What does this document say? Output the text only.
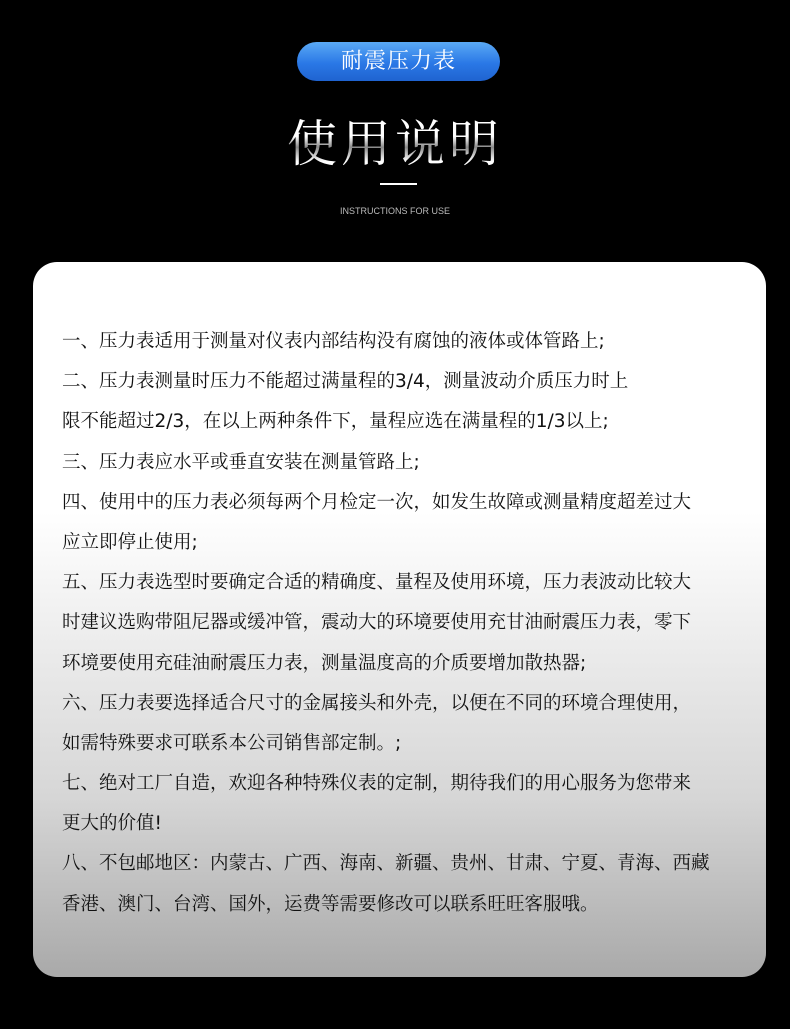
耐震压力表
使用说明
INSTRUCTIONS FOR USE
一、压力表适用于测量对仪表内部结构没有腐蚀的液体或体管路上;
二、压力表测量时压力不能超过满量程的3/4，测量波动介质压力时上
限不能超过2/3，在以上两种条件下，量程应选在满量程的1/3以上;
三、压力表应水平或垂直安装在测量管路上;
四、使用中的压力表必须每两个月检定一次，如发生故障或测量精度超差过大
应立即停止使用;
五、压力表选型时要确定合适的精确度、量程及使用环境，压力表波动比较大
时建议选购带阻尼器或缓冲管，震动大的环境要使用充甘油耐震压力表，零下
环境要使用充硅油耐震压力表，测量温度高的介质要增加散热器;
六、压力表要选择适合尺寸的金属接头和外壳，以便在不同的环境合理使用，
如需特殊要求可联系本公司销售部定制。;
七、绝对工厂自造，欢迎各种特殊仪表的定制，期待我们的用心服务为您带来
更大的价值!
八、不包邮地区：内蒙古、广西、海南、新疆、贵州、甘肃、宁夏、青海、西藏
香港、澳门、台湾、国外，运费等需要修改可以联系旺旺客服哦。
